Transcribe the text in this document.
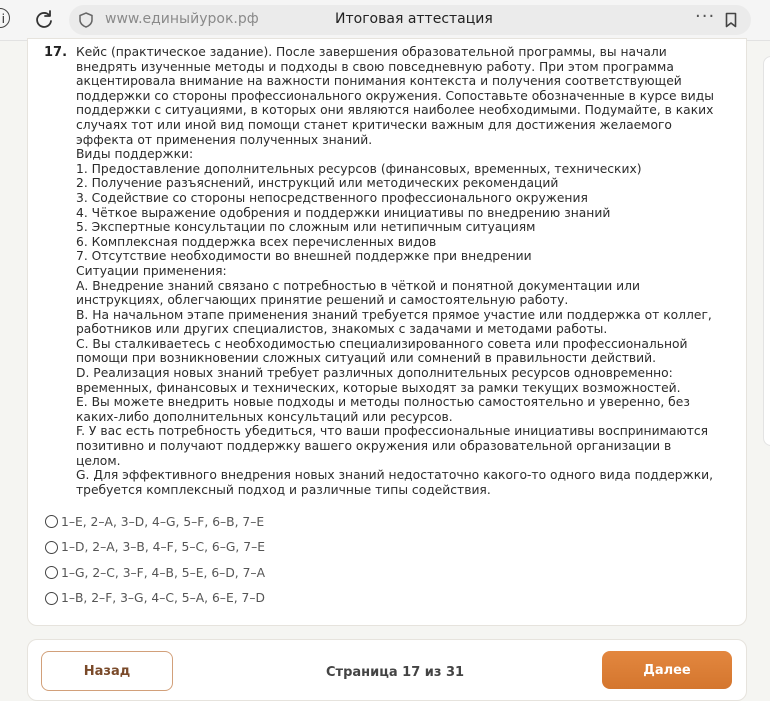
i	www.единыйурок.рф	Итоговая аттестация	···
17. Кейс (практическое задание). После завершения образовательной программы, вы начали
внедрять изученные методы и подходы в свою повседневную работу. При этом программа
акцентировала внимание на важности понимания контекста и получения соответствующей
поддержки со стороны профессионального окружения. Сопоставьте обозначенные в курсе виды
поддержки с ситуациями, в которых они являются наиболее необходимыми. Подумайте, в каких
случаях тот или иной вид помощи станет критически важным для достижения желаемого
эффекта от применения полученных знаний.
Виды поддержки:
1. Предоставление дополнительных ресурсов (финансовых, временных, технических)
2. Получение разъяснений, инструкций или методических рекомендаций
3. Содействие со стороны непосредственного профессионального окружения
4. Чёткое выражение одобрения и поддержки инициативы по внедрению знаний
5. Экспертные консультации по сложным или нетипичным ситуациям
6. Комплексная поддержка всех перечисленных видов
7. Отсутствие необходимости во внешней поддержке при внедрении
Ситуации применения:
А. Внедрение знаний связано с потребностью в чёткой и понятной документации или
инструкциях, облегчающих принятие решений и самостоятельную работу.
B. На начальном этапе применения знаний требуется прямое участие или поддержка от коллег,
работников или других специалистов, знакомых с задачами и методами работы.
C. Вы сталкиваетесь с необходимостью специализированного совета или профессиональной
помощи при возникновении сложных ситуаций или сомнений в правильности действий.
D. Реализация новых знаний требует различных дополнительных ресурсов одновременно:
временных, финансовых и технических, которые выходят за рамки текущих возможностей.
E. Вы можете внедрить новые подходы и методы полностью самостоятельно и уверенно, без
каких-либо дополнительных консультаций или ресурсов.
F. У вас есть потребность убедиться, что ваши профессиональные инициативы воспринимаются
позитивно и получают поддержку вашего окружения или образовательной организации в
целом.
G. Для эффективного внедрения новых знаний недостаточно какого-то одного вида поддержки,
требуется комплексный подход и различные типы содействия.
1–E, 2–A, 3–D, 4–G, 5–F, 6–B, 7–E
1–D, 2–A, 3–B, 4–F, 5–C, 6–G, 7–E
1–G, 2–C, 3–F, 4–B, 5–E, 6–D, 7–A
1–B, 2–F, 3–G, 4–C, 5–A, 6–E, 7–D
Назад	Страница 17 из 31	Далее
